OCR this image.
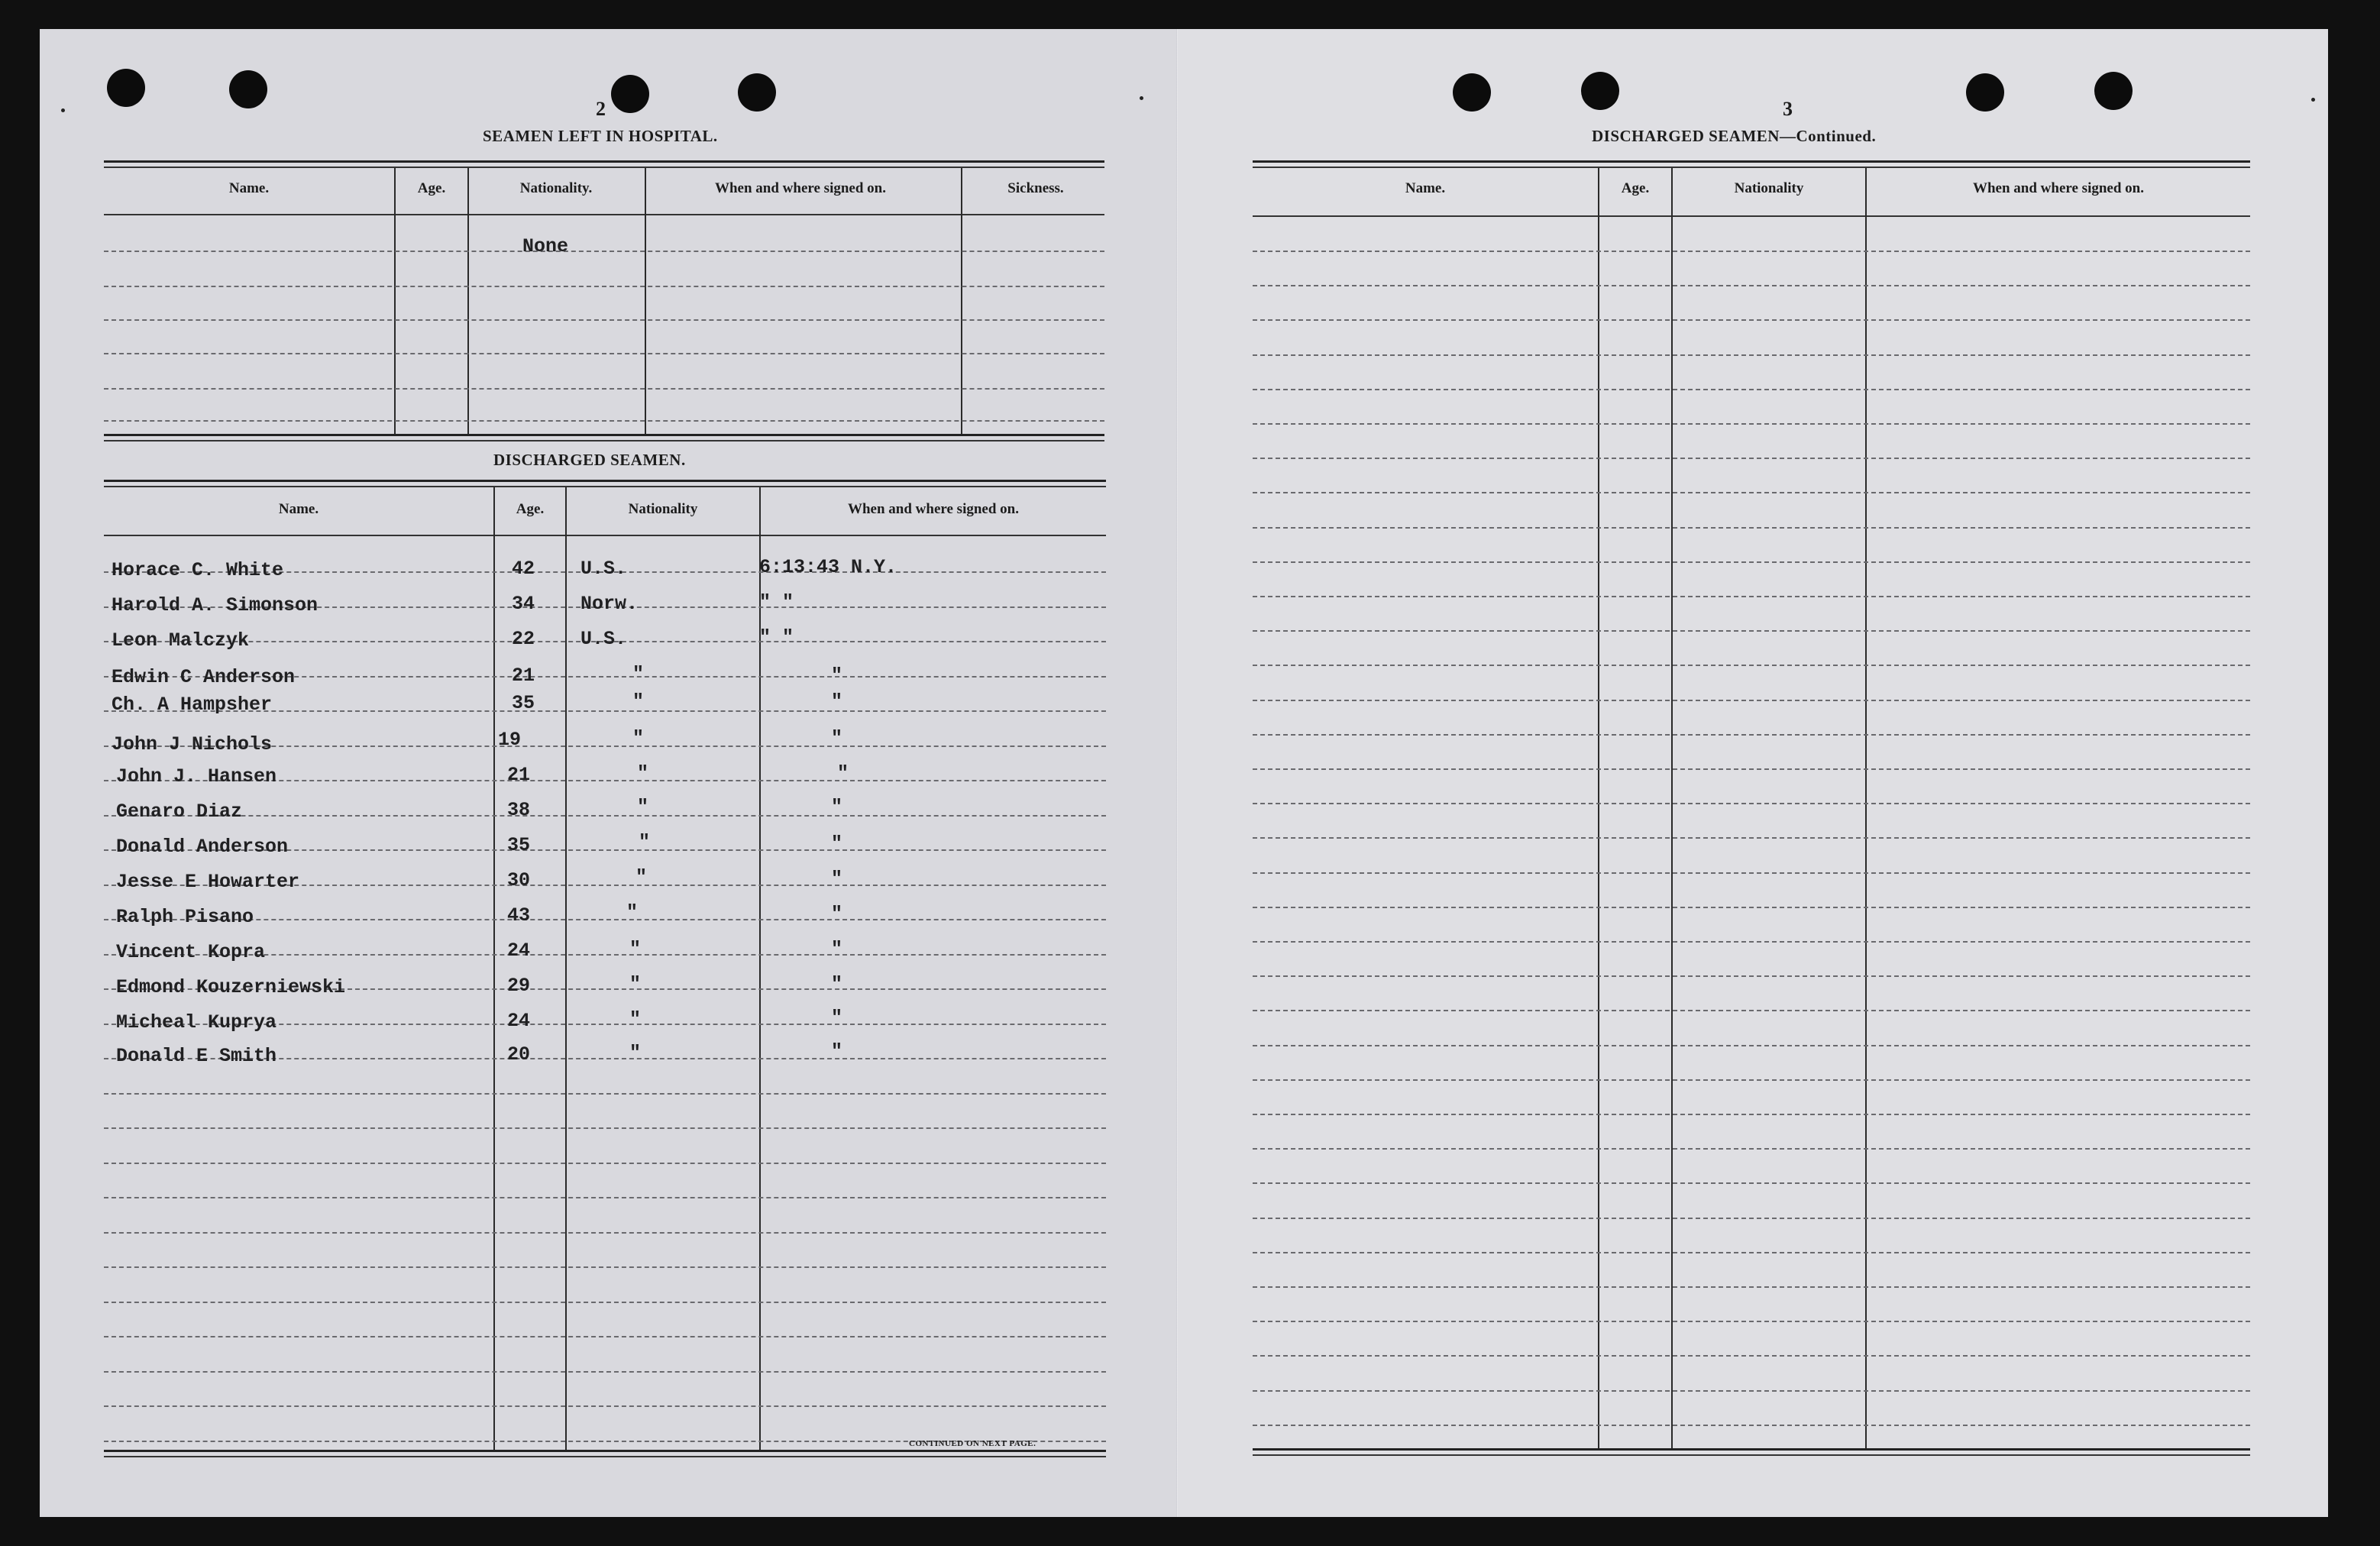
2
SEAMEN LEFT IN HOSPITAL.
Name.	Age.	Nationality.	When and where signed on.	Sickness.
None
DISCHARGED SEAMEN.
Name.	Age.	Nationality	When and where signed on.
Horace C. White	42 U.S.	6:13:43 N.Y.
Harold A. Simonson	34 Norw.	" "
Leon Malczyk	22 U.S.	" "
Edwin C Anderson	21	"	"
Ch. A Hampsher	35	"	"
John J Nichols	19	"	"
John J. Hansen	21	"	"
Genaro Diaz	38	"	"
Donald Anderson	35	"	"
Jesse E Howarter	30	"	"
Ralph Pisano	43	"	"
Vincent Kopra	24	"	"
Edmond Kouzerniewski	29	"	"
Micheal Kuprya	24	"	"
Donald E Smith	20	"	"
CONTINUED ON NEXT PAGE.
3
DISCHARGED SEAMEN—Continued.
Name.	Age.	Nationality	When and where signed on.
